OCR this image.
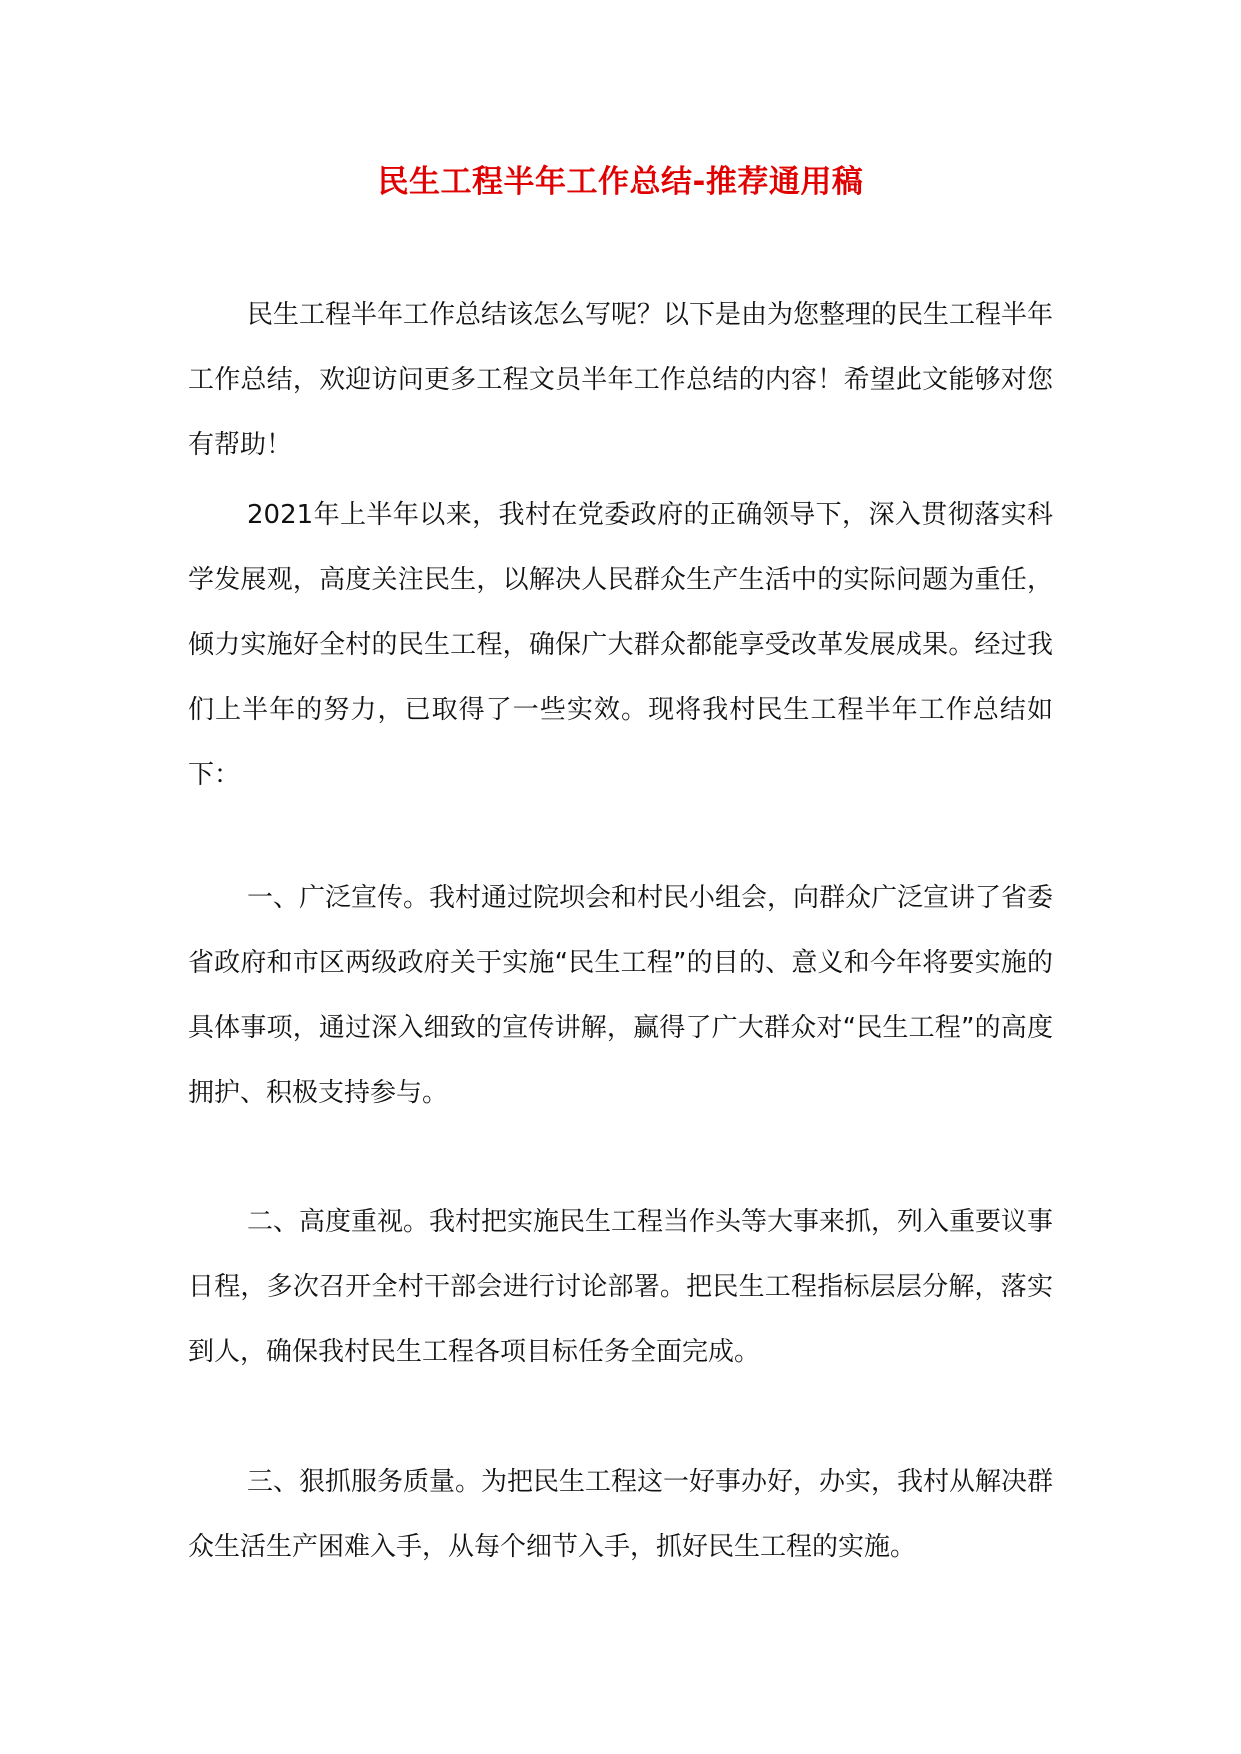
民生工程半年工作总结-推荐通用稿

民生工程半年工作总结该怎么写呢？以下是由为您整理的民生工程半年工作总结，欢迎访问更多工程文员半年工作总结的内容！希望此文能够对您有帮助！

2021年上半年以来，我村在党委政府的正确领导下，深入贯彻落实科学发展观，高度关注民生，以解决人民群众生产生活中的实际问题为重任，倾力实施好全村的民生工程，确保广大群众都能享受改革发展成果。经过我们上半年的努力，已取得了一些实效。现将我村民生工程半年工作总结如下：

一、广泛宣传。我村通过院坝会和村民小组会，向群众广泛宣讲了省委省政府和市区两级政府关于实施“民生工程”的目的、意义和今年将要实施的具体事项，通过深入细致的宣传讲解，赢得了广大群众对“民生工程”的高度拥护、积极支持参与。

二、高度重视。我村把实施民生工程当作头等大事来抓，列入重要议事日程，多次召开全村干部会进行讨论部署。把民生工程指标层层分解，落实到人，确保我村民生工程各项目标任务全面完成。

三、狠抓服务质量。为把民生工程这一好事办好，办实，我村从解决群众生活生产困难入手，从每个细节入手，抓好民生工程的实施。
